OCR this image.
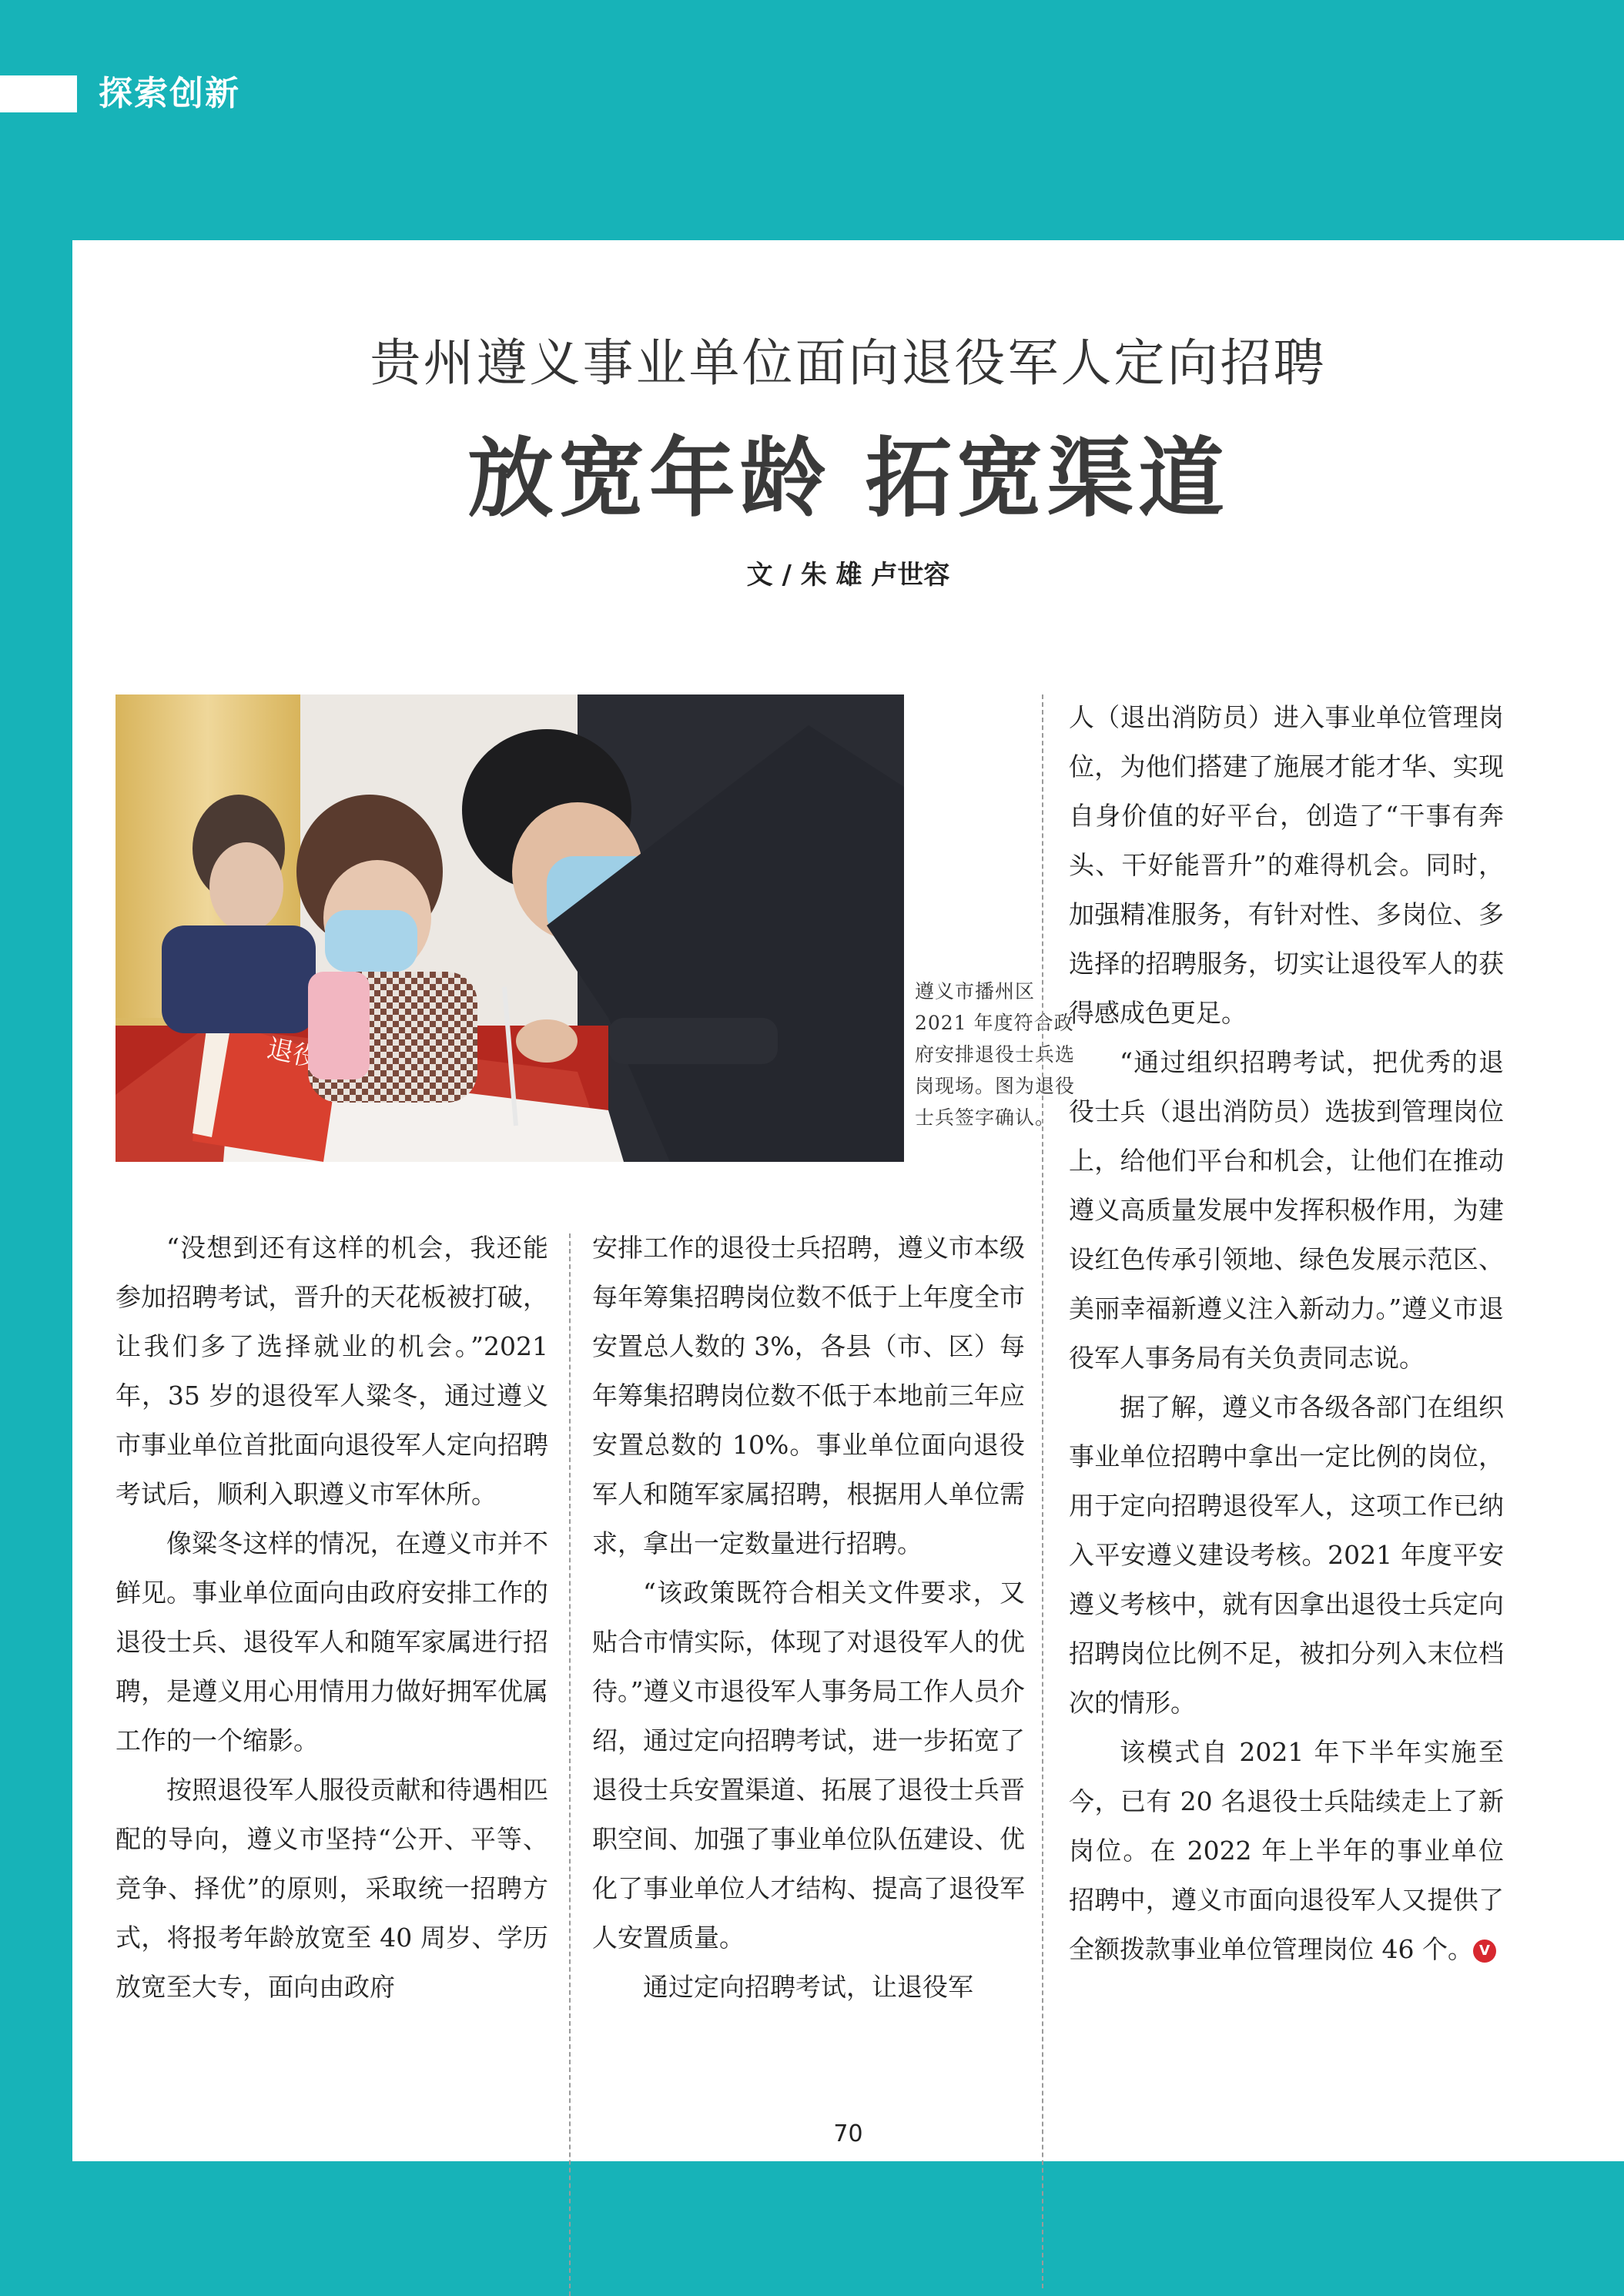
探索创新
贵州遵义事业单位面向退役军人定向招聘
放宽年龄 拓宽渠道
文 / 朱 雄 卢世容
遵义市播州区 2021 年度符合政府安排退役士兵选岗现场。图为退役士兵签字确认。

“没想到还有这样的机会，我还能参加招聘考试，晋升的天花板被打破，让我们多了选择就业的机会。”2021 年，35 岁的退役军人粱冬，通过遵义市事业单位首批面向退役军人定向招聘考试后，顺利入职遵义市军休所。

像粱冬这样的情况，在遵义市并不鲜见。事业单位面向由政府安排工作的退役士兵、退役军人和随军家属进行招聘，是遵义用心用情用力做好拥军优属工作的一个缩影。

按照退役军人服役贡献和待遇相匹配的导向，遵义市坚持“公开、平等、竞争、择优”的原则，采取统一招聘方式，将报考年龄放宽至 40 周岁、学历放宽至大专，面向由政府

安排工作的退役士兵招聘，遵义市本级每年筹集招聘岗位数不低于上年度全市安置总人数的 3%，各县（市、区）每年筹集招聘岗位数不低于本地前三年应安置总数的 10%。事业单位面向退役军人和随军家属招聘，根据用人单位需求，拿出一定数量进行招聘。

“该政策既符合相关文件要求，又贴合市情实际，体现了对退役军人的优待。”遵义市退役军人事务局工作人员介绍，通过定向招聘考试，进一步拓宽了退役士兵安置渠道、拓展了退役士兵晋职空间、加强了事业单位队伍建设、优化了事业单位人才结构、提高了退役军人安置质量。

通过定向招聘考试，让退役军

人（退出消防员）进入事业单位管理岗位，为他们搭建了施展才能才华、实现自身价值的好平台，创造了“干事有奔头、干好能晋升”的难得机会。同时，加强精准服务，有针对性、多岗位、多选择的招聘服务，切实让退役军人的获得感成色更足。

“通过组织招聘考试，把优秀的退役士兵（退出消防员）选拔到管理岗位上，给他们平台和机会，让他们在推动遵义高质量发展中发挥积极作用，为建设红色传承引领地、绿色发展示范区、美丽幸福新遵义注入新动力。”遵义市退役军人事务局有关负责同志说。

据了解，遵义市各级各部门在组织事业单位招聘中拿出一定比例的岗位，用于定向招聘退役军人，这项工作已纳入平安遵义建设考核。2021 年度平安遵义考核中，就有因拿出退役士兵定向招聘岗位比例不足，被扣分列入末位档次的情形。

该模式自 2021 年下半年实施至今，已有 20 名退役士兵陆续走上了新岗位。在 2022 年上半年的事业单位招聘中，遵义市面向退役军人又提供了全额拨款事业单位管理岗位 46 个。 V

70
